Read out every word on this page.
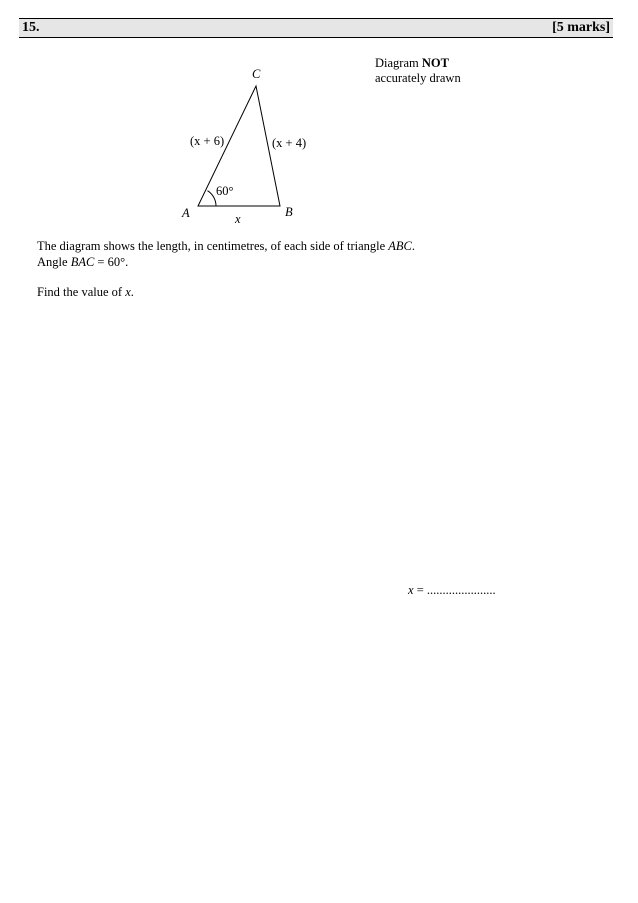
15.	[5 marks]
Diagram NOT
accurately drawn
C
(x + 6)	(x + 4)
60°
A	B
x
The diagram shows the length, in centimetres, of each side of triangle ABC.
Angle BAC = 60°.
Find the value of x.
x = ......................
